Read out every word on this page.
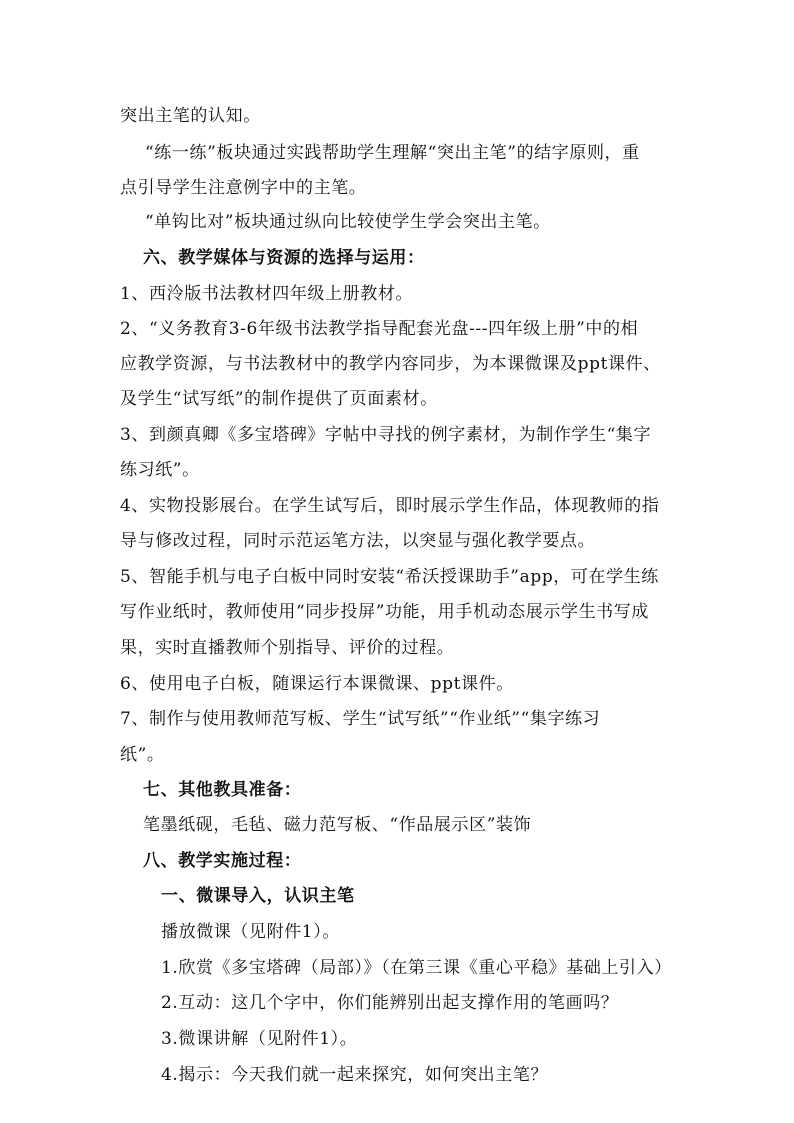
突出主笔的认知。
“练一练”板块通过实践帮助学生理解“突出主笔”的结字原则，重
点引导学生注意例字中的主笔。
“单钩比对”板块通过纵向比较使学生学会突出主笔。
六、教学媒体与资源的选择与运用：
1、西泠版书法教材四年级上册教材。
2、“义务教育3-6年级书法教学指导配套光盘---四年级上册”中的相
应教学资源，与书法教材中的教学内容同步，为本课微课及ppt课件、
及学生“试写纸”的制作提供了页面素材。
3、到颜真卿《多宝塔碑》字帖中寻找的例字素材，为制作学生“集字
练习纸”。
4、实物投影展台。在学生试写后，即时展示学生作品，体现教师的指
导与修改过程，同时示范运笔方法，以突显与强化教学要点。
5、智能手机与电子白板中同时安装“希沃授课助手”app，可在学生练
写作业纸时，教师使用“同步投屏”功能，用手机动态展示学生书写成
果，实时直播教师个别指导、评价的过程。
6、使用电子白板，随课运行本课微课、ppt课件。
7、制作与使用教师范写板、学生“试写纸”“作业纸”“集字练习
纸”。
七、其他教具准备：
笔墨纸砚，毛毡、磁力范写板、“作品展示区”装饰
八、教学实施过程：
一、微课导入，认识主笔
播放微课（见附件1）。
1.欣赏《多宝塔碑（局部）》（在第三课《重心平稳》基础上引入）
2.互动：这几个字中，你们能辨别出起支撑作用的笔画吗？
3.微课讲解（见附件1）。
4.揭示：今天我们就一起来探究，如何突出主笔？
